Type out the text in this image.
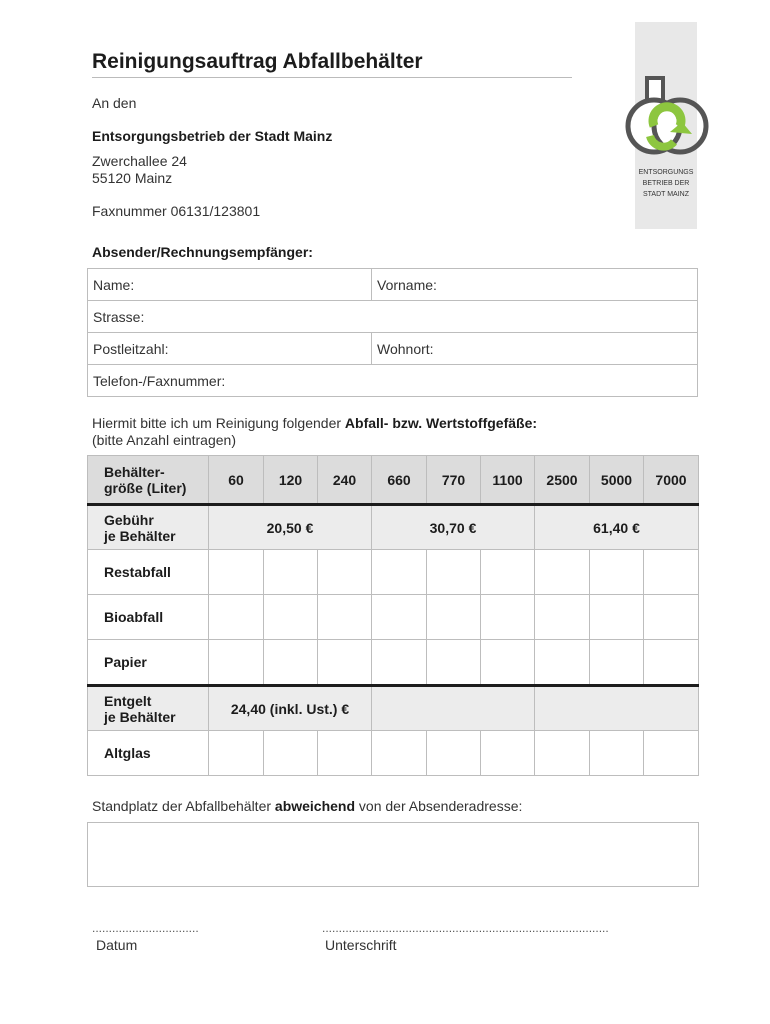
Reinigungsauftrag Abfallbehälter
ENTSORGUNGS
BETRIEB DER
STADT MAINZ
An den
Entsorgungsbetrieb der Stadt Mainz
Zwerchallee 24
55120 Mainz
Faxnummer 06131/123801
Absender/Rechnungsempfänger:
Name:	Vorname:
Strasse:	
Postleitzahl:	Wohnort:
Telefon-/Faxnummer:	
Hiermit bitte ich um Reinigung folgender Abfall- bzw. Wertstoffgefäße:
(bitte Anzahl eintragen)
Behälter-
größe (Liter)	60	120	240	660	770	1100	2500	5000	7000
Gebühr
je Behälter	20,50 €			30,70 €			61,40 €		
Restabfall									
Bioabfall									
Papier									
Entgelt
je Behälter	24,40 (inkl. Ust.) €								
Altglas									
Standplatz der Abfallbehälter abweichend von der Absenderadresse:
................................
Datum
......................................................................................
Unterschrift
